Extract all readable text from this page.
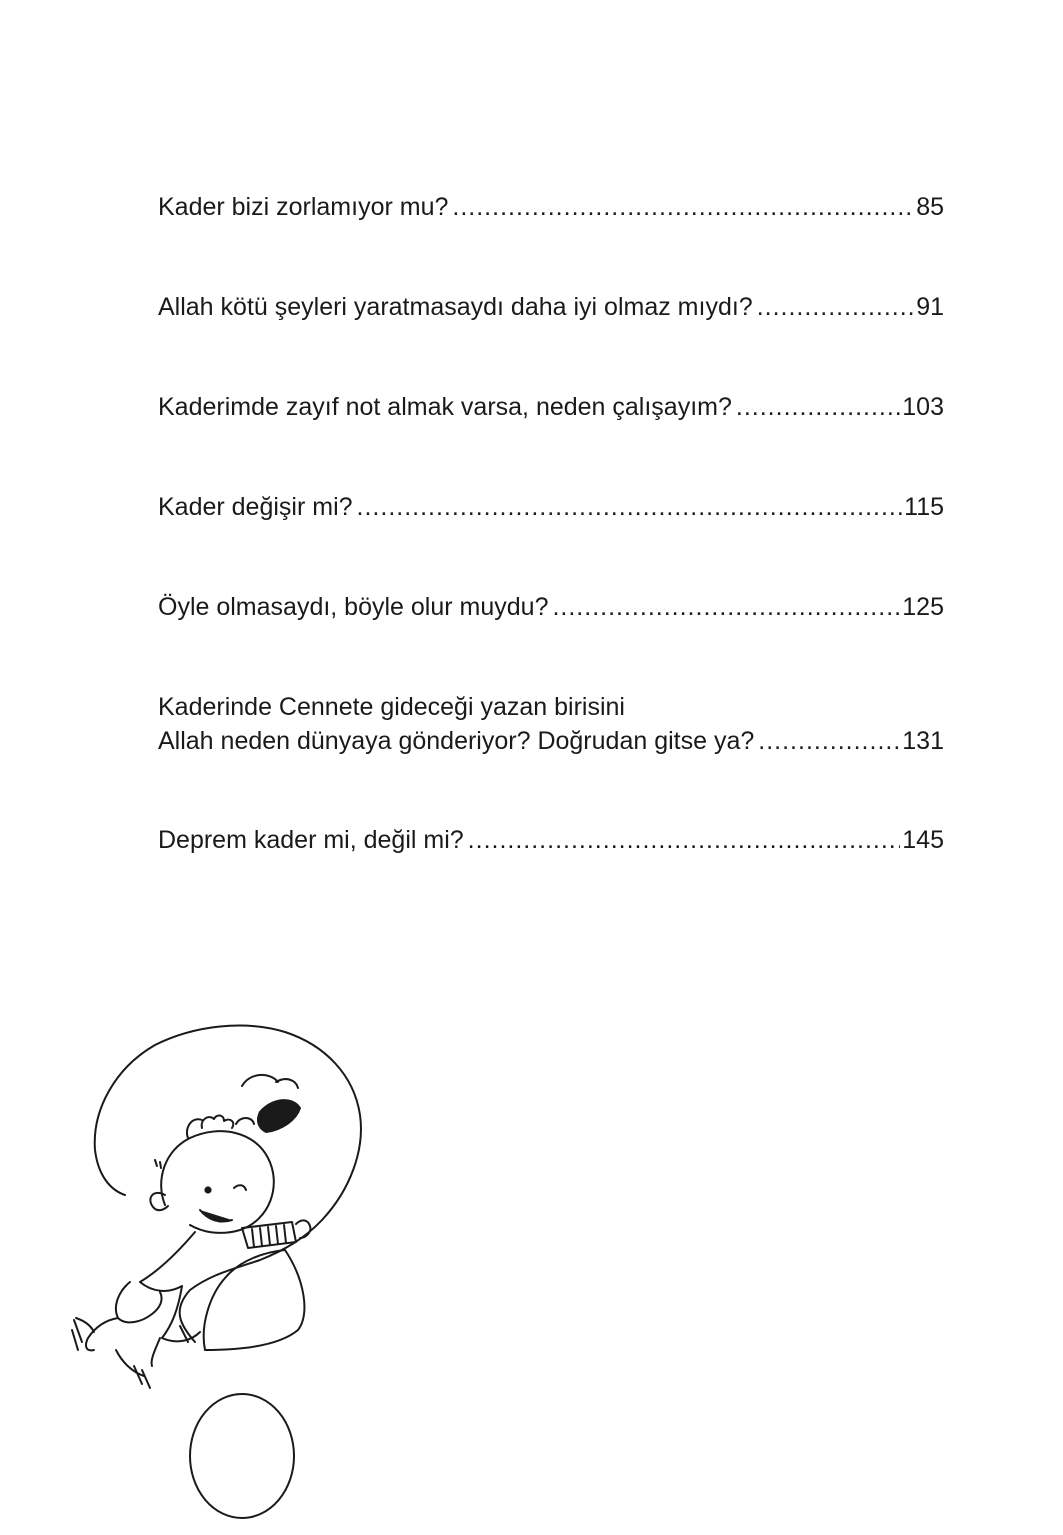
Kader bizi zorlamıyor mu? .....	85
Allah kötü şeyleri yaratmasaydı daha iyi olmaz mıydı? .....	91
Kaderimde zayıf not almak varsa, neden çalışayım? .....	103
Kader değişir mi? .....	115
Öyle olmasaydı, böyle olur muydu? .....	125
Kaderinde Cennete gideceği yazan birisini
Allah neden dünyaya gönderiyor? Doğrudan gitse ya? .....	131
Deprem kader mi, değil mi? .....	145
